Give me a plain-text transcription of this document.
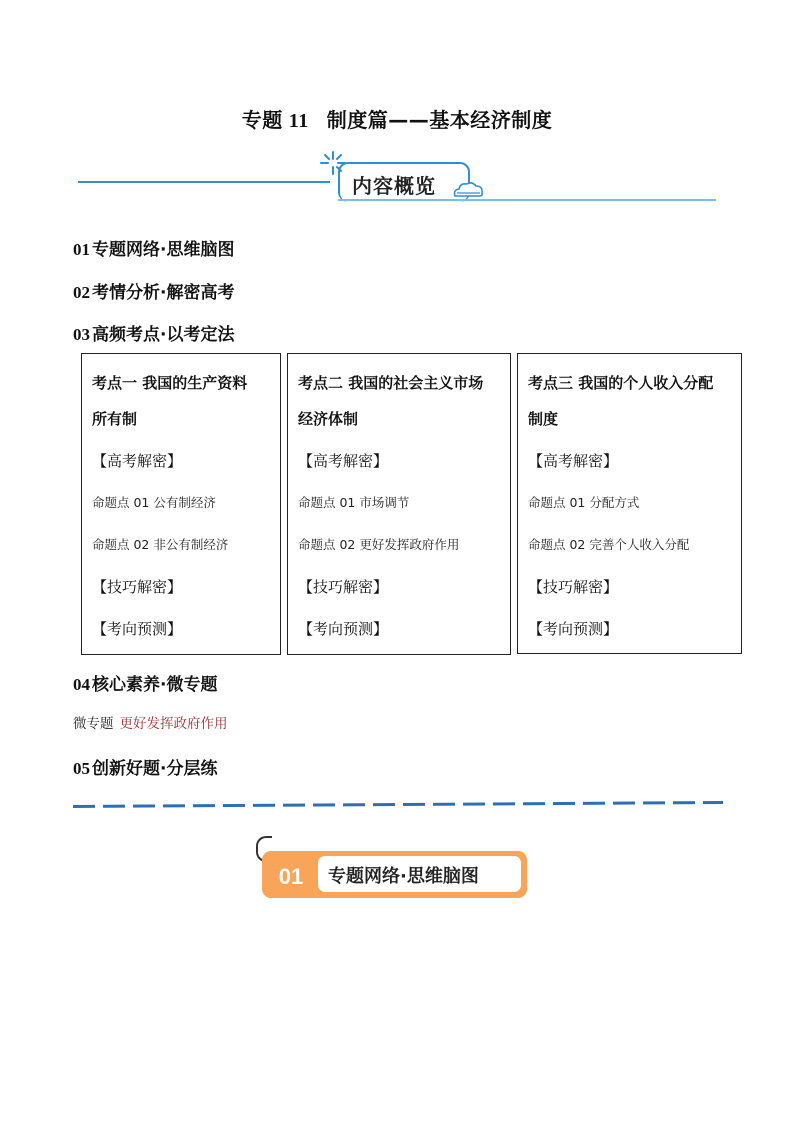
专题 11 制度篇——基本经济制度
内容概览
01 专题网络·思维脑图
02 考情分析·解密高考
03 高频考点·以考定法
考点一 我国的生产资料
所有制
【高考解密】
命题点 01 公有制经济
命题点 02 非公有制经济
【技巧解密】
【考向预测】
考点二 我国的社会主义市场
经济体制
【高考解密】
命题点 01 市场调节
命题点 02 更好发挥政府作用
【技巧解密】
【考向预测】
考点三 我国的个人收入分配
制度
【高考解密】
命题点 01 分配方式
命题点 02 完善个人收入分配
【技巧解密】
【考向预测】
04 核心素养·微专题
微专题 更好发挥政府作用
05 创新好题·分层练
01	专题网络·思维脑图
